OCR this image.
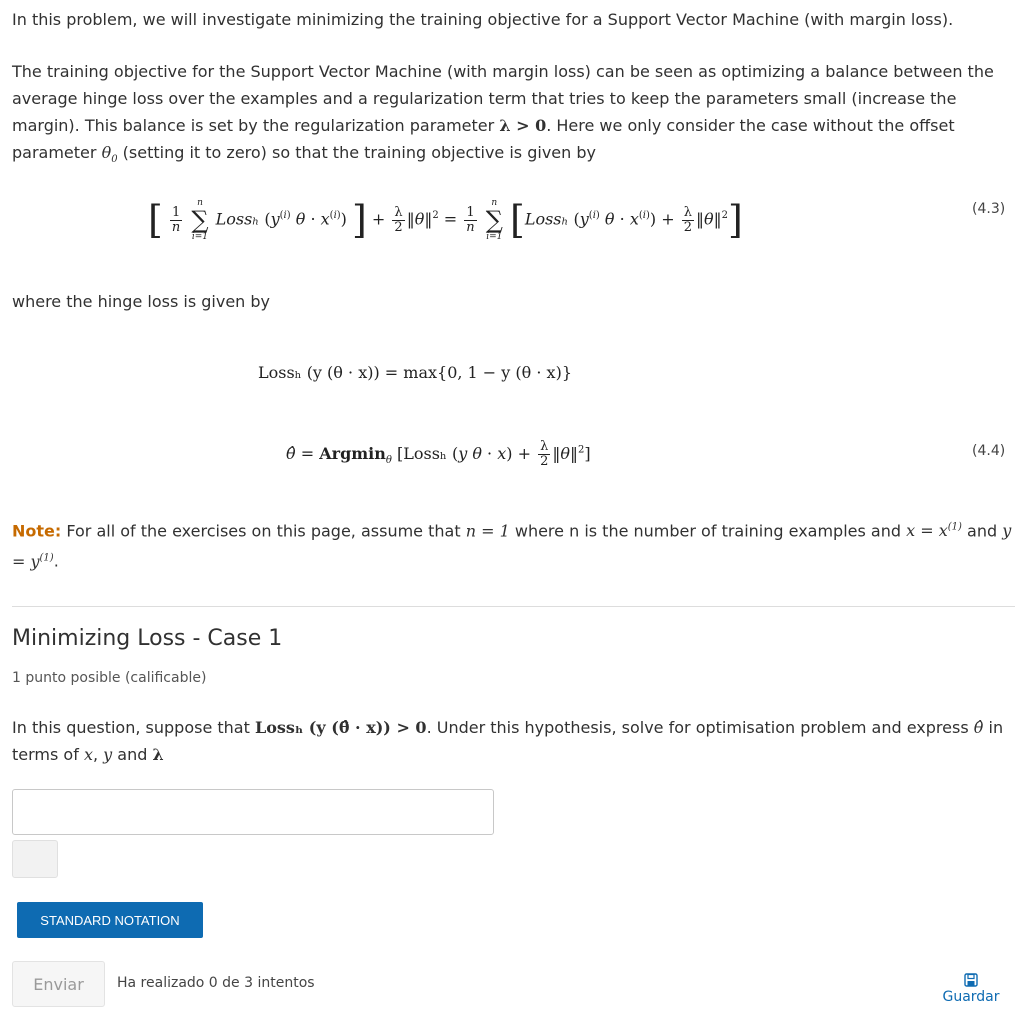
In this problem, we will investigate minimizing the training objective for a Support Vector Machine (with margin loss).

The training objective for the Support Vector Machine (with margin loss) can be seen as optimizing a balance between the average hinge loss over the examples and a regularization term that tries to keep the parameters small (increase the margin). This balance is set by the regularization parameter λ > 0. Here we only consider the case without the offset parameter $\theta_0$ (setting it to zero) so that the training objective is given by

[ $\frac{1}{n}$

n
∑
i=1
Lossₕ ($y^{(i)}$ $\theta \cdot x^{(i)}$) ] + $\frac{\lambda}{2}$ ‖θ‖$^2$ = $\frac{1}{n}$

n
∑
i=1 [Lossₕ ($y^{(i)}$ $\theta \cdot x^{(i)}) + \frac{\lambda}{2}$ ‖θ‖$^2$]	(4.3)

where the hinge loss is given by

Lossₕ (y (θ · x)) = max{0, 1 − y (θ · x)}
θ̂ = Argmin$_\theta$ [Lossₕ (y $\theta \cdot x) + \frac{\lambda}{2}$ ‖θ‖$^2$]	(4.4)

Note: For all of the exercises on this page, assume that n = 1 where n is the number of training examples and $x = x^{(1)}$ and $y = y^{(1)}$.

Minimizing Loss - Case 1
1 punto posible (calificable)

In this question, suppose that Lossₕ (y (θ̂ · x)) > 0. Under this hypothesis, solve for optimisation problem and express θ̂ in terms of x, y and λ

STANDARD NOTATION
Enviar	Ha realizado 0 de 3 intentos
Guardar
